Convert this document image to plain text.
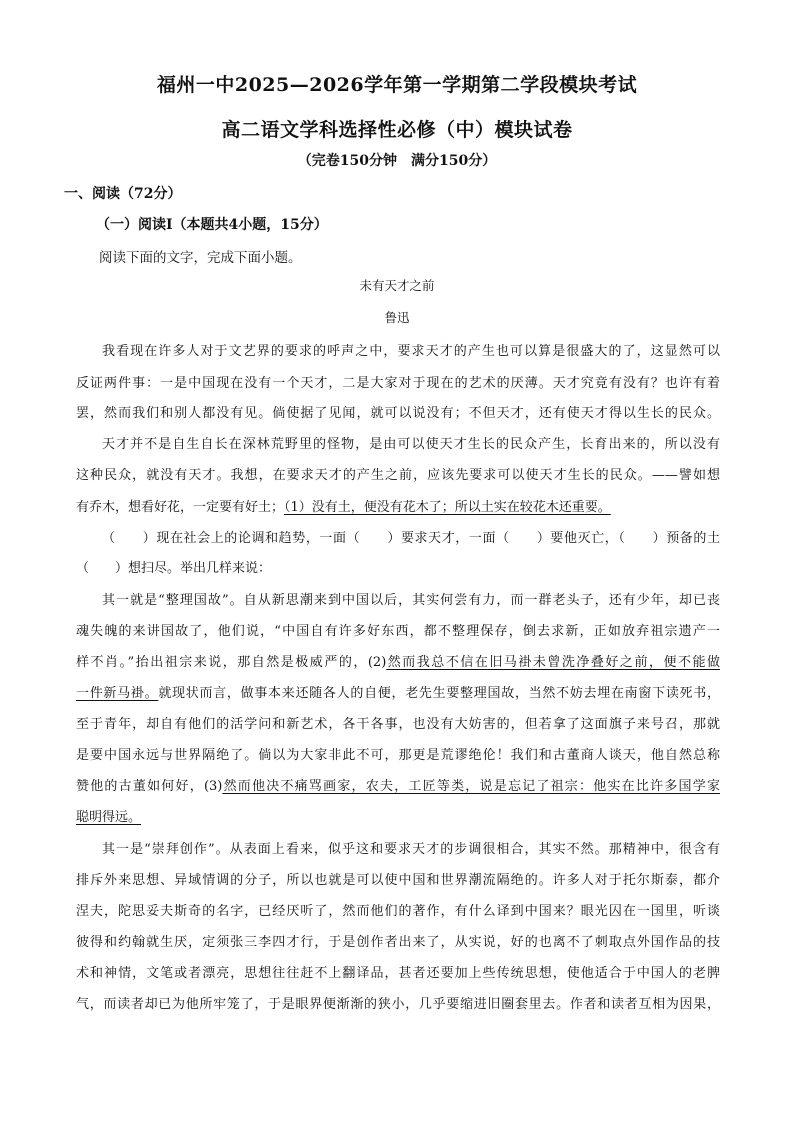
福州一中2025—2026学年第一学期第二学段模块考试
高二语文学科选择性必修（中）模块试卷
（完卷150分钟　满分150分）
一、阅读（72分）
（一）阅读Ⅰ（本题共4小题，15分）
阅读下面的文字，完成下面小题。
未有天才之前
鲁迅
我看现在许多人对于文艺界的要求的呼声之中，要求天才的产生也可以算是很盛大的了，这显然可以
反证两件事：一是中国现在没有一个天才，二是大家对于现在的艺术的厌薄。天才究竟有没有？也许有着
罢，然而我们和别人都没有见。倘使据了见闻，就可以说没有；不但天才，还有使天才得以生长的民众。
天才并不是自生自长在深林荒野里的怪物，是由可以使天才生长的民众产生，长育出来的，所以没有
这种民众，就没有天才。我想，在要求天才的产生之前，应该先要求可以使天才生长的民众。——譬如想
有乔木，想看好花，一定要有好土；（1）没有土，便没有花木了；所以土实在较花木还重要。
（　　）现在社会上的论调和趋势，一面（　　）要求天才，一面（　　）要他灭亡，（　　）预备的土
（　　）想扫尽。举出几样来说：
其一就是“整理国故”。自从新思潮来到中国以后，其实何尝有力，而一群老头子，还有少年，却已丧
魂失魄的来讲国故了，他们说，“中国自有许多好东西，都不整理保存，倒去求新，正如放弃祖宗遗产一
样不肖。”抬出祖宗来说，那自然是极威严的，(2)然而我总不信在旧马褂未曾洗净叠好之前，便不能做
一件新马褂。就现状而言，做事本来还随各人的自便，老先生要整理国故，当然不妨去埋在南窗下读死书，
至于青年，却自有他们的活学问和新艺术，各干各事，也没有大妨害的，但若拿了这面旗子来号召，那就
是要中国永远与世界隔绝了。倘以为大家非此不可，那更是荒谬绝伦！我们和古董商人谈天，他自然总称
赞他的古董如何好，(3)然而他决不痛骂画家，农夫，工匠等类，说是忘记了祖宗：他实在比许多国学家
聪明得远。
其一是“崇拜创作”。从表面上看来，似乎这和要求天才的步调很相合，其实不然。那精神中，很含有
排斥外来思想、异域情调的分子，所以也就是可以使中国和世界潮流隔绝的。许多人对于托尔斯泰，都介
涅夫，陀思妥夫斯奇的名字，已经厌听了，然而他们的著作，有什么译到中国来？眼光囚在一国里，听谈
彼得和约翰就生厌，定须张三李四才行，于是创作者出来了，从实说，好的也离不了刺取点外国作品的技
术和神情，文笔或者漂亮，思想往往赶不上翻译品，甚者还要加上些传统思想，使他适合于中国人的老脾
气，而读者却已为他所牢笼了，于是眼界便渐渐的狭小，几乎要缩进旧圈套里去。作者和读者互相为因果，
